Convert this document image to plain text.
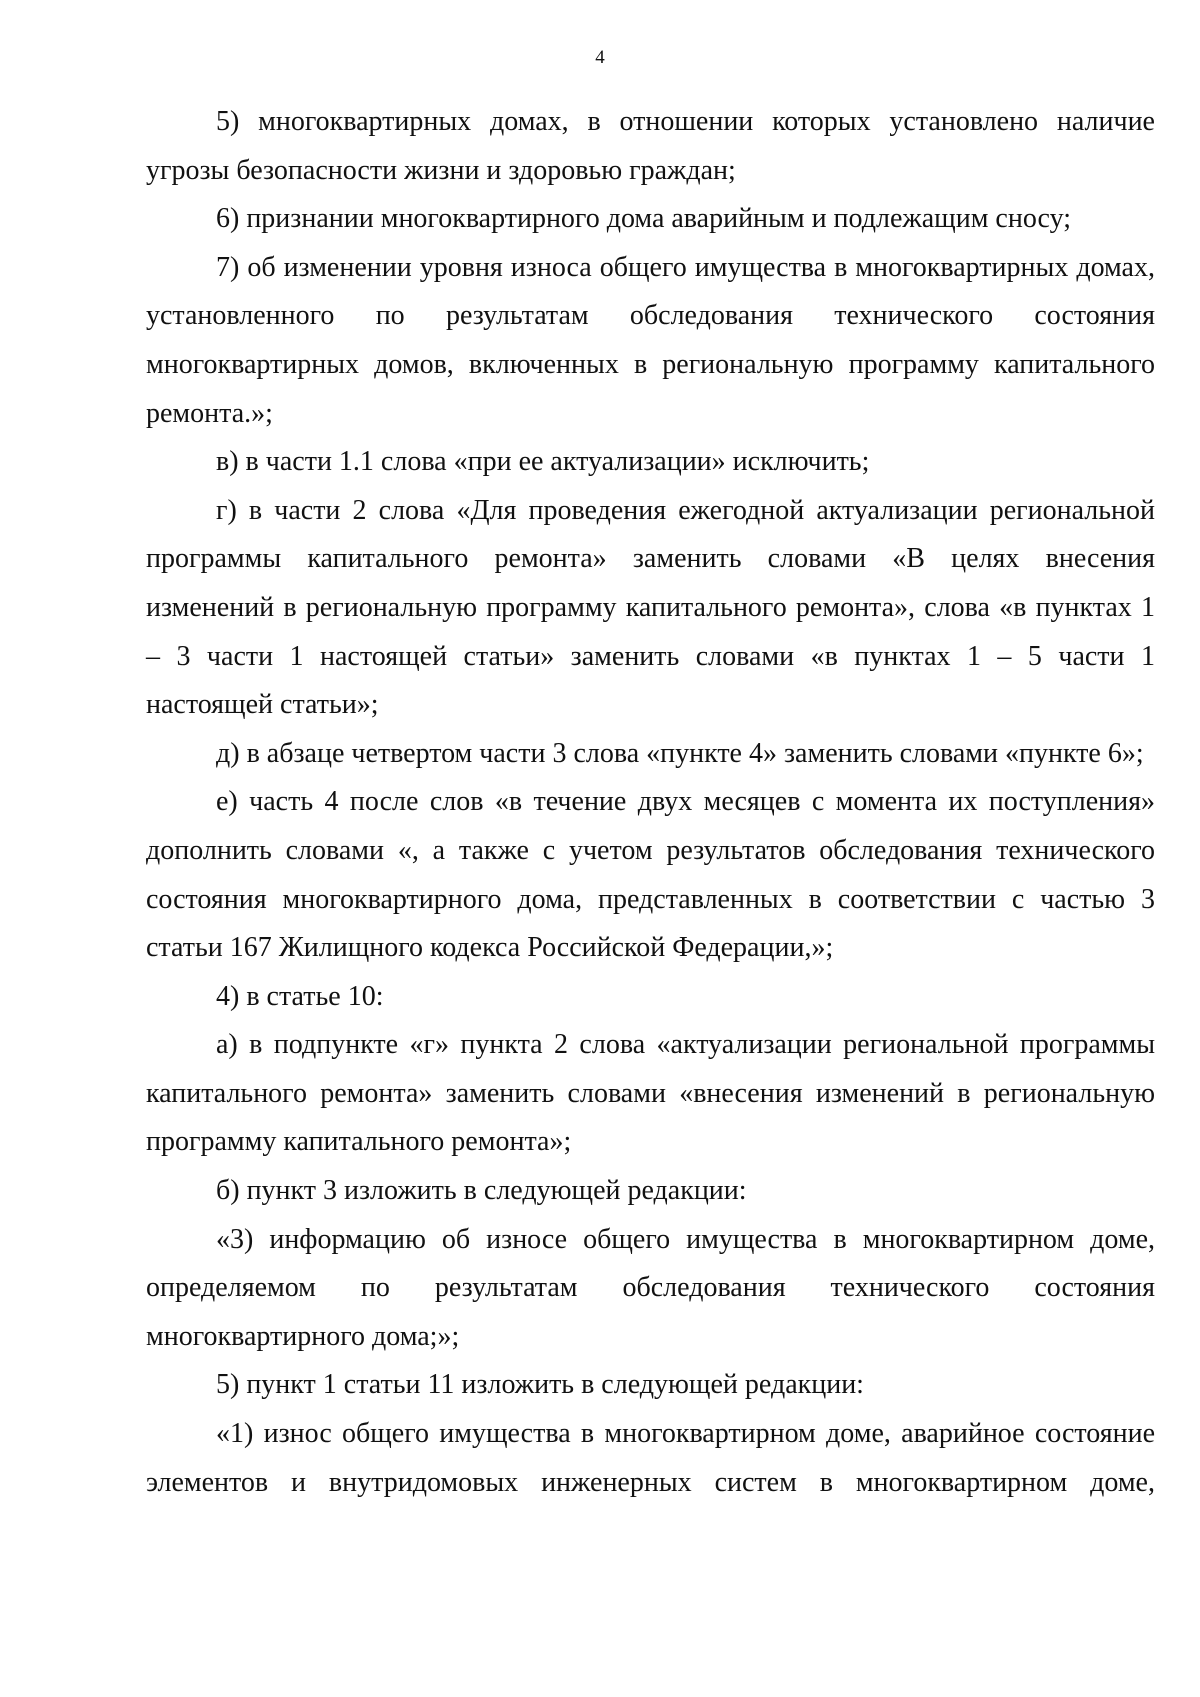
4

5) многоквартирных домах, в отношении которых установлено наличие угрозы безопасности жизни и здоровью граждан;

6) признании многоквартирного дома аварийным и подлежащим сносу;

7) об изменении уровня износа общего имущества в многоквартирных домах, установленного по результатам обследования технического состояния многоквартирных домов, включенных в региональную программу капитального ремонта.»;

в) в части 1.1 слова «при ее актуализации» исключить;

г) в части 2 слова «Для проведения ежегодной актуализации региональной программы капитального ремонта» заменить словами «В целях внесения изменений в региональную программу капитального ремонта», слова «в пунктах 1 – 3 части 1 настоящей статьи» заменить словами «в пунктах 1 – 5 части 1 настоящей статьи»;

д) в абзаце четвертом части 3 слова «пункте 4» заменить словами «пункте 6»;

е) часть 4 после слов «в течение двух месяцев с момента их поступления» дополнить словами «, а также с учетом результатов обследования технического состояния многоквартирного дома, представленных в соответствии с частью 3 статьи 167 Жилищного кодекса Российской Федерации,»;

4) в статье 10:

а) в подпункте «г» пункта 2 слова «актуализации региональной программы капитального ремонта» заменить словами «внесения изменений в региональную программу капитального ремонта»;

б) пункт 3 изложить в следующей редакции:

«3) информацию об износе общего имущества в многоквартирном доме, определяемом по результатам обследования технического состояния многоквартирного дома;»;

5) пункт 1 статьи 11 изложить в следующей редакции:

«1) износ общего имущества в многоквартирном доме, аварийное состояние элементов и внутридомовых инженерных систем в многоквартирном доме,
